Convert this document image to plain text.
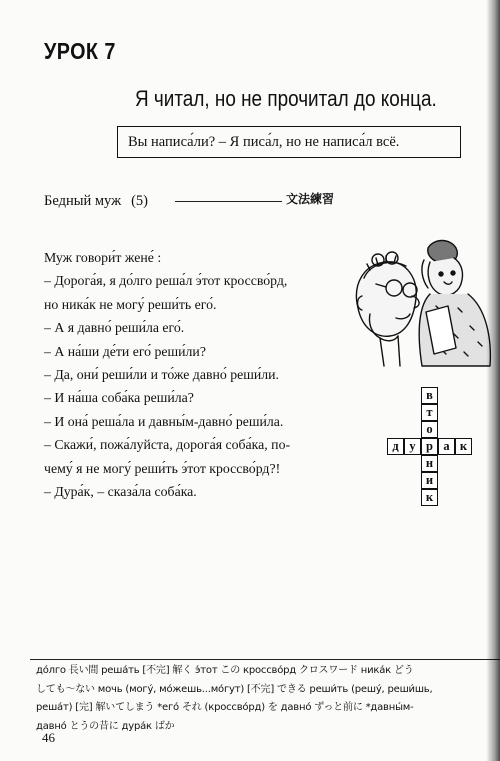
УРОК 7
Я читал, но не прочитал до конца.
Вы написа́ли? – Я писа́л, но не написа́л всё.
Бедный муж (5)	文法練習
Муж говори́т жене́ :
– Дорога́я, я до́лго реша́л э́тот кроссво́рд,
но ника́к не могу́ реши́ть его́.
– А я давно́ реши́ла его́.
– А на́ши де́ти его́ реши́ли?
– Да, они́ реши́ли и то́же давно́ реши́ли.
– И на́ша соба́ка реши́ла?
– И она́ реша́ла и давны́м-давно́ реши́ла.
– Скажи́, пожа́луйста, дорога́я соба́ка, по-
чему́ я не могу́ реши́ть э́тот кроссво́рд?!
– Дура́к, – сказа́ла соба́ка.
в
т
о
д у р а к
н
и
к
до́лго 長い間 реша́ть [不完] 解く э́тот この кроссво́рд クロスワード ника́к どう
しても～ない мочь (могу́, мо́жешь...мо́гут) [不完] できる реши́ть (решу́, реши́шь,
реша́т) [完] 解いてしまう *его́ それ (кроссво́рд) を давно́ ずっと前に *давны́м-
давно́ とうの昔に дура́к ばか
46
